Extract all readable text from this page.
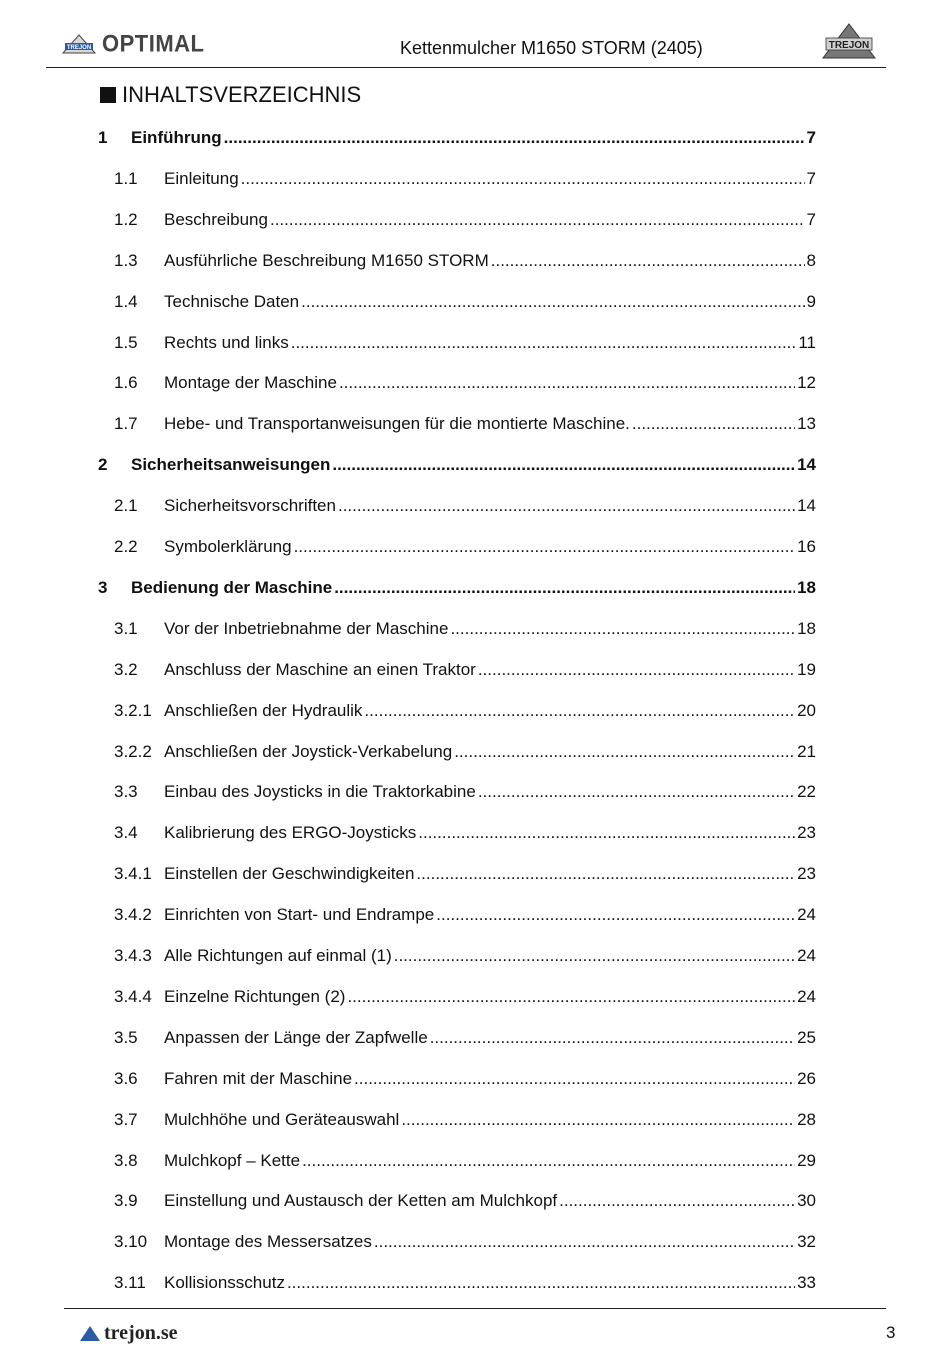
TREJON OPTIMAL	Kettenmulcher M1650 STORM (2405)	TREJON
INHALTSVERZEICHNIS
1	Einführung .....	7
1.1	Einleitung .....	7
1.2	Beschreibung .....	7
1.3	Ausführliche Beschreibung M1650 STORM .....	8
1.4	Technische Daten .....	9
1.5	Rechts und links .....	11
1.6	Montage der Maschine .....	12
1.7	Hebe- und Transportanweisungen für die montierte Maschine. .....	13
2	Sicherheitsanweisungen .....	14
2.1	Sicherheitsvorschriften .....	14
2.2	Symbolerklärung .....	16
3	Bedienung der Maschine .....	18
3.1	Vor der Inbetriebnahme der Maschine .....	18
3.2	Anschluss der Maschine an einen Traktor .....	19
3.2.1 Anschließen der Hydraulik .....	20
3.2.2 Anschließen der Joystick-Verkabelung .....	21
3.3	Einbau des Joysticks in die Traktorkabine .....	22
3.4	Kalibrierung des ERGO-Joysticks .....	23
3.4.1 Einstellen der Geschwindigkeiten .....	23
3.4.2 Einrichten von Start- und Endrampe .....	24
3.4.3 Alle Richtungen auf einmal (1) .....	24
3.4.4 Einzelne Richtungen (2) .....	24
3.5	Anpassen der Länge der Zapfwelle .....	25
3.6	Fahren mit der Maschine .....	26
3.7	Mulchhöhe und Geräteauswahl .....	28
3.8	Mulchkopf – Kette .....	29
3.9	Einstellung und Austausch der Ketten am Mulchkopf .....	30
3.10 Montage des Messersatzes .....	32
3.11	Kollisionsschutz .....	33
trejon.se	3
